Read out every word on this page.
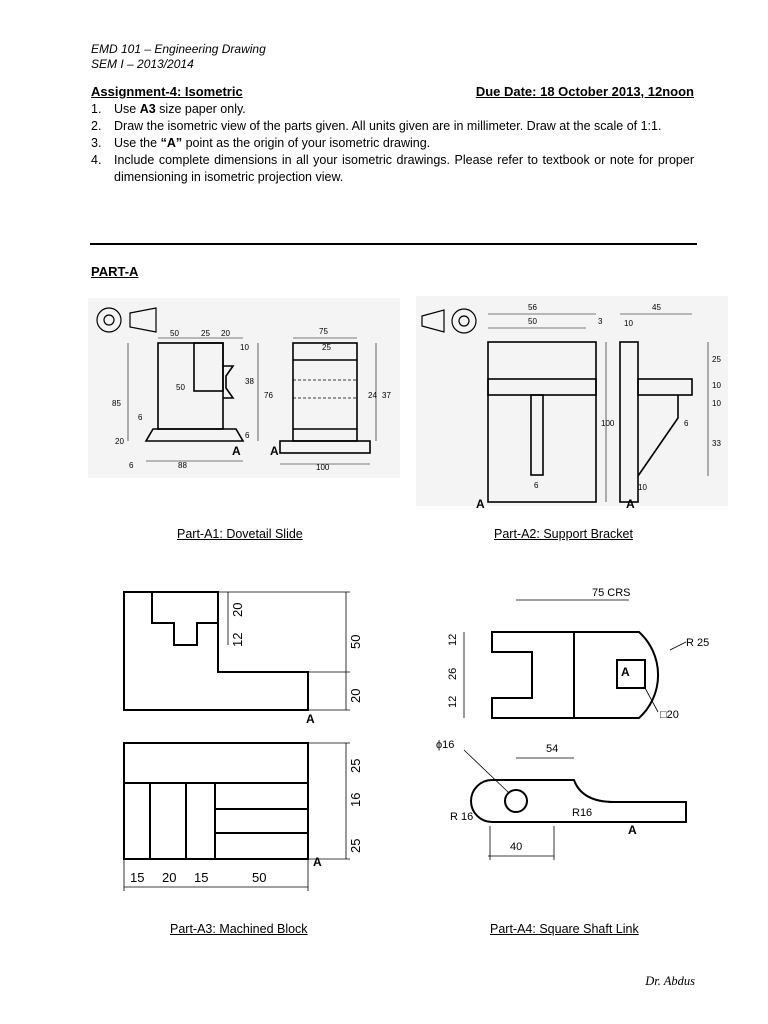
EMD 101 – Engineering Drawing
SEM I – 2013/2014
Assignment-4: Isometric	Due Date: 18 October 2013, 12noon
1. Use A3 size paper only.
2. Draw the isometric view of the parts given. All units given are in millimeter. Draw at the scale of 1:1.
3. Use the “A” point as the origin of your isometric drawing.
4. Include complete dimensions in all your isometric drawings. Please refer to textbook or note for proper dimensioning in isometric projection view.
PART-A
50	25 20
10
50
38
76
85
6
20
6
88
6
75
25
24 37
100
A A
Part-A1: Dovetail Slide
56
50	3
100
6
45
10
25
10
10
6
33
10
A	A
Part-A2: Support Bracket
20
12	50
20
25
16
25
15 20 15	50
A
A
Part-A3: Machined Block
75 CRS
R 25
12
26
12
□20
ϕ16	54
R16
R 16
40
A
A
Part-A4: Square Shaft Link
Dr. Abdus
